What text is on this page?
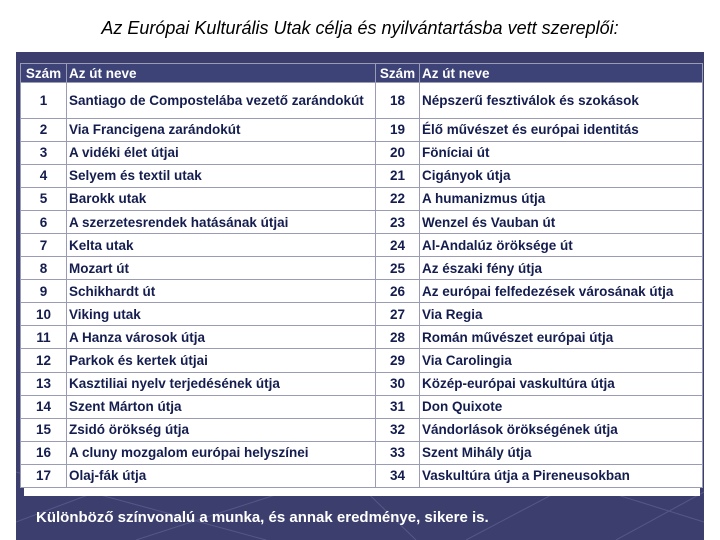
Az Európai Kulturális Utak célja és nyilvántartásba vett szereplői:
Szám	Az út neve	Szám	Az út neve
1	Santiago de Compostelába vezető zarándokút	18	Népszerű fesztiválok és szokások
2	Via Francigena zarándokút	19	Élő művészet és európai identitás
3	A vidéki élet útjai	20	Föníciai út
4	Selyem és textil utak	21	Cigányok útja
5	Barokk utak	22	A humanizmus útja
6	A szerzetesrendek hatásának útjai	23	Wenzel és Vauban út
7	Kelta utak	24	Al-Andalúz öröksége út
8	Mozart út	25	Az északi fény útja
9	Schikhardt út	26	Az európai felfedezések városának útja
10	Viking utak	27	Via Regia
11	A Hanza városok útja	28	Román művészet európai útja
12	Parkok és kertek útjai	29	Via Carolingia
13	Kasztiliai nyelv terjedésének útja	30	Közép-európai vaskultúra útja
14	Szent Márton útja	31	Don Quixote
15	Zsidó örökség útja	32	Vándorlások örökségének útja
16	A cluny mozgalom európai helyszínei	33	Szent Mihály útja
17	Olaj-fák útja	34	Vaskultúra útja a Pireneusokban
Különböző színvonalú a munka, és annak eredménye, sikere is.
